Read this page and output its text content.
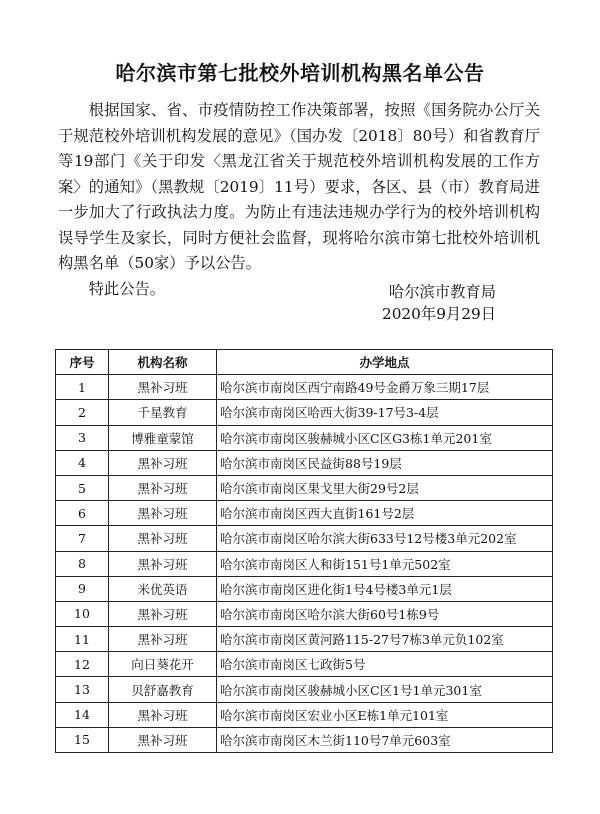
哈尔滨市第七批校外培训机构黑名单公告

根据国家、省、市疫情防控工作决策部署，按照《国务院办公厅关于规范校外培训机构发展的意见》（国办发〔2018〕80号）和省教育厅等19部门《关于印发〈黑龙江省关于规范校外培训机构发展的工作方案〉的通知》（黑教规〔2019〕11号）要求，各区、县（市）教育局进一步加大了行政执法力度。为防止有违法违规办学行为的校外培训机构误导学生及家长，同时方便社会监督，现将哈尔滨市第七批校外培训机构黑名单（50家）予以公告。

特此公告。	哈尔滨市教育局
2020年9月29日
序号	机构名称	办学地点
1	黑补习班	哈尔滨市南岗区西宁南路49号金爵万象三期17层
2	千星教育	哈尔滨市南岗区哈西大街39-17号3-4层
3	博雅童蒙馆	哈尔滨市南岗区骏赫城小区C区G3栋1单元201室
4	黑补习班	哈尔滨市南岗区民益街88号19层
5	黑补习班	哈尔滨市南岗区果戈里大街29号2层
6	黑补习班	哈尔滨市南岗区西大直街161号2层
7	黑补习班	哈尔滨市南岗区哈尔滨大街633号12号楼3单元202室
8	黑补习班	哈尔滨市南岗区人和街151号1单元502室
9	米优英语	哈尔滨市南岗区进化街1号4号楼3单元1层
10	黑补习班	哈尔滨市南岗区哈尔滨大街60号1栋9号
11	黑补习班	哈尔滨市南岗区黄河路115-27号7栋3单元负102室
12	向日葵花开	哈尔滨市南岗区七政街5号
13	贝舒嘉教育	哈尔滨市南岗区骏赫城小区C区1号1单元301室
14	黑补习班	哈尔滨市南岗区宏业小区E栋1单元101室
15	黑补习班	哈尔滨市南岗区木兰街110号7单元603室
